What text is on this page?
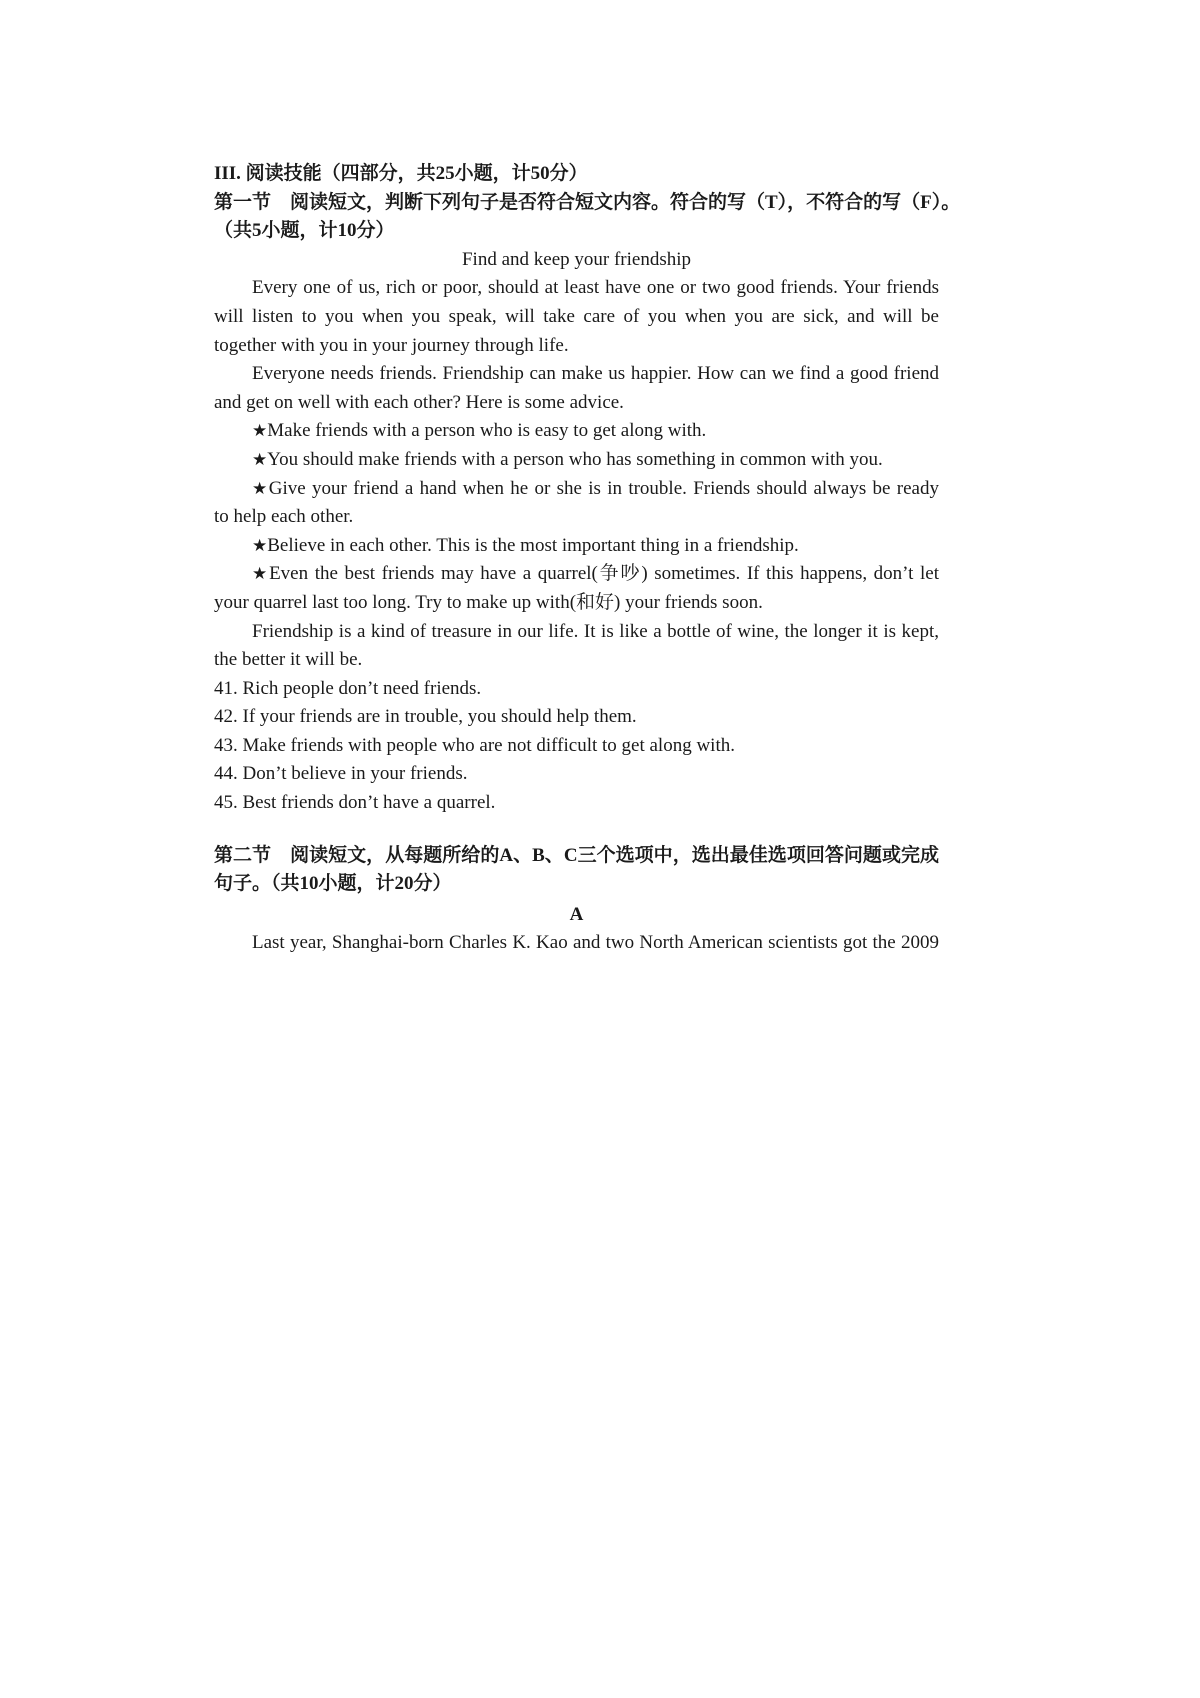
III. 阅读技能（四部分，共25小题，计50分）
第一节　阅读短文，判断下列句子是否符合短文内容。符合的写（T），不符合的写（F）。
（共5小题，计10分）
Find and keep your friendship
Every one of us, rich or poor, should at least have one or two good friends. Your friends
will listen to you when you speak, will take care of you when you are sick, and will be
together with you in your journey through life.
Everyone needs friends. Friendship can make us happier. How can we find a good friend
and get on well with each other? Here is some advice.
★Make friends with a person who is easy to get along with.
★You should make friends with a person who has something in common with you.
★Give your friend a hand when he or she is in trouble. Friends should always be ready
to help each other.
★Believe in each other. This is the most important thing in a friendship.
★Even the best friends may have a quarrel(争吵) sometimes. If this happens, don’t let
your quarrel last too long. Try to make up with(和好) your friends soon.
Friendship is a kind of treasure in our life. It is like a bottle of wine, the longer it is kept,
the better it will be.
41. Rich people don’t need friends.
42. If your friends are in trouble, you should help them.
43. Make friends with people who are not difficult to get along with.
44. Don’t believe in your friends.
45. Best friends don’t have a quarrel.
第二节　阅读短文，从每题所给的A、B、C三个选项中，选出最佳选项回答问题或完成
句子。（共10小题，计20分）
A
Last year, Shanghai-born Charles K. Kao and two North American scientists got the 2009
